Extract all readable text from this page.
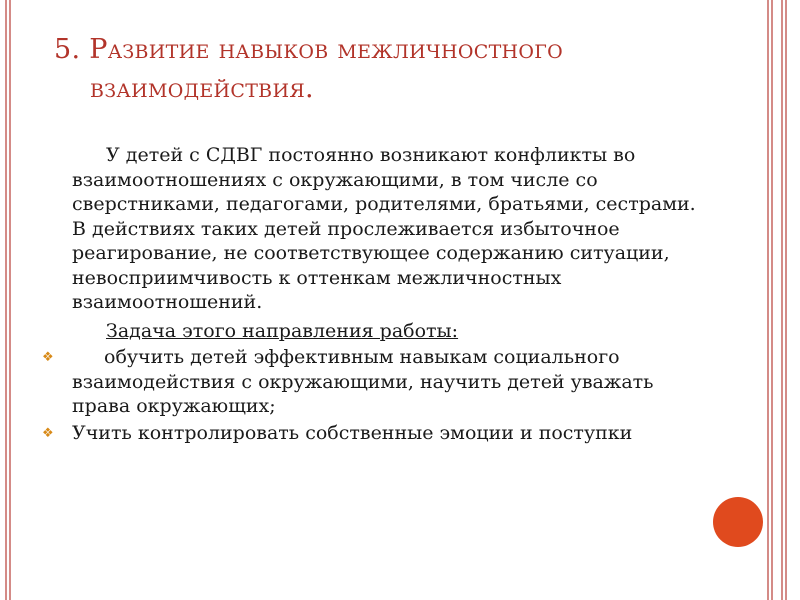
5. Развитие навыков межличностного
взаимодействия.

У детей с СДВГ постоянно возникают конфликты во взаимоотношениях с окружающими, в том числе со сверстниками, педагогами, родителями, братьями, сестрами. В действиях таких детей прослеживается избыточное реагирование, не соответствующее содержанию ситуации, невосприимчивость к оттенкам межличностных взаимоотношений.

Задача этого направления работы:

❖	обучить детей эффективным навыкам социального взаимодействия с окружающими, научить детей уважать права окружающих;
❖ Учить контролировать собственные эмоции и поступки
